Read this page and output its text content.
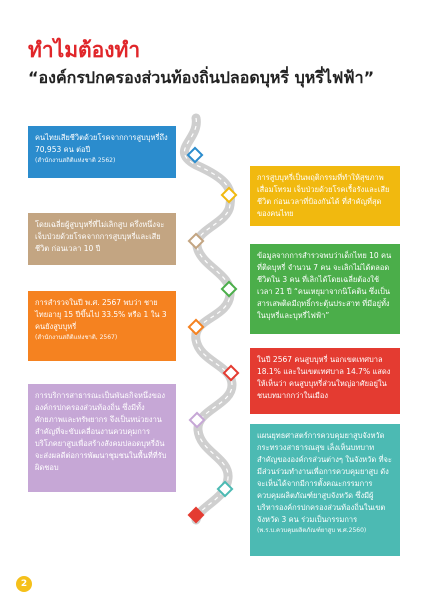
ทำไมต้องทำ
“องค์กรปกครองส่วนท้องถิ่นปลอดบุหรี่ บุหรี่ไฟฟ้า”
คนไทยเสียชีวิตด้วยโรคจากการสูบบุหรี่ถึง 70,953 คน ต่อปี
(สำนักงานสถิติแห่งชาติ 2562)
การสูบบุหรี่เป็นพฤติกรรมที่ทำให้สุขภาพเสื่อมโทรม เจ็บป่วยด้วยโรคเรื้อรังและเสียชีวิต ก่อนเวลาที่ป้องกันได้ ที่สำคัญที่สุดของคนไทย
โดยเฉลี่ยผู้สูบบุหรี่ที่ไม่เลิกสูบ ครึ่งหนึ่งจะเจ็บป่วยด้วยโรคจากการสูบบุหรี่และเสียชีวิต ก่อนเวลา 10 ปี
ข้อมูลจากการสำรวจพบว่าเด็กไทย 10 คนที่ติดบุหรี่ จำนวน 7 คน จะเลิกไม่ได้ตลอดชีวิตใน 3 คน ที่เลิกได้โดยเฉลี่ยต้องใช้เวลา 21 ปี “คนเหยุมาจากนิโคติน ซึ่งเป็นสารเสพติดมีฤทธิ์กระตุ้นประสาท ที่มีอยู่ทั้งในบุหรี่และบุหรี่ไฟฟ้า”
การสำรวจในปี พ.ศ. 2567 พบว่า ชายไทยอายุ 15 ปีขึ้นไป 33.5% หรือ 1 ใน 3 คนยังสูบบุหรี่
(สำนักงานสถิติแห่งชาติ, 2567)
ในปี 2567 คนสูบบุหรี่ นอกเขตเทศบาล 18.1% และในเขตเทศบาล 14.7% แสดงให้เห็นว่า คนสูบบุหรี่ส่วนใหญ่อาศัยอยู่ในชนบทมากกว่าในเมือง
การบริการสาธารณะเป็นพันธกิจหนึ่งขององค์กรปกครองส่วนท้องถิ่น ซึ่งมีทั้งศักยภาพและทรัพยากร จึงเป็นหน่วยงานสำคัญที่จะขับเคลื่อนงานควบคุมการบริโภคยาสูบเพื่อสร้างสังคมปลอดบุหรี่อันจะส่งผลดีต่อการพัฒนาชุมชนในพื้นที่ที่รับผิดชอบ
แผนยุทธศาสตร์การควบคุมยาสูบจังหวัด กระทรวงสาธารณสุข เล็งเห็นบทบาทสำคัญขององค์กรส่วนต่างๆ ในจังหวัด ที่จะมีส่วนร่วมทำงานเพื่อการควบคุมยาสูบ ดังจะเห็นได้จากมีการตั้งคณะกรรมการควบคุมผลิตภัณฑ์ยาสูบจังหวัด ซึ่งมีผู้บริหารองค์กรปกครองส่วนท้องถิ่นในเขตจังหวัด 3 คน ร่วมเป็นกรรมการ
(พ.ร.บ.ควบคุมผลิตภัณฑ์ยาสูบ พ.ศ.2560)
2
